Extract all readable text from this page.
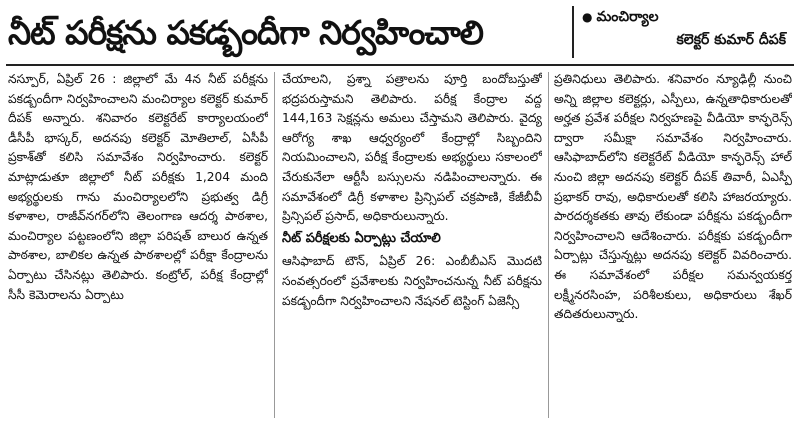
నీట్‌ పరీక్షను పకడ్బందీగా నిర్వహించాలి	● మంచిర్యాల
కలెక్టర్‌ కుమార్‌ దీపక్‌

నస్పూర్‌, ఏప్రిల్‌ 26 : జిల్లాలో మే 4న నీట్‌ పరీక్షను పకడ్బందీగా నిర్వహించాలని మంచిర్యాల కలెక్టర్‌ కుమార్‌ దీపక్‌ అన్నారు. శనివారం కలెక్టరేట్‌ కార్యాలయంలో డీసీపీ భాస్కర్‌, అదనపు కలెక్టర్‌ మోతిలాల్‌, ఏసీపీ ప్రకాశ్‌తో కలిసి సమావేశం నిర్వహించారు. కలెక్టర్‌ మాట్లాడుతూ జిల్లాలో నీట్‌ పరీక్షకు 1,204 మంది అభ్యర్థులకు గాను మంచిర్యాలలోని ప్రభుత్వ డిగ్రీ కళాశాల, రాజీవ్‌నగర్‌లోని తెలంగాణ ఆదర్శ పాఠశాల, మంచిర్యాల పట్టణంలోని జిల్లా పరిషత్‌ బాలుర ఉన్నత పాఠశాల, బాలికల ఉన్నత పాఠశాలల్లో పరీక్షా కేంద్రాలను ఏర్పాటు చేసినట్లు తెలిపారు. కంట్రోల్‌, పరీక్ష కేంద్రాల్లో సీసీ కెమెరాలను ఏర్పాటు

చేయాలని, ప్రశ్నా పత్రాలను పూర్తి బందోబస్తుతో భద్రపరుస్తామని తెలిపారు. పరీక్ష కేంద్రాల వద్ద 144,163 సెక్షన్లను అమలు చేస్తామని తెలిపారు. వైద్య ఆరోగ్య శాఖ ఆధ్వర్యంలో కేంద్రాల్లో సిబ్బందిని నియమించాలని, పరీక్ష కేంద్రాలకు అభ్యర్థులు సకాలంలో చేరుకునేలా ఆర్టీసీ బస్సులను నడిపించాలన్నారు. ఈ సమావేశంలో డిగ్రీ కళాశాల ప్రిన్సిపల్‌ చక్రపాణి, కేజీబీవీ ప్రిన్సిపల్‌ ప్రసాద్‌, అధికారులున్నారు.

నీట్‌ పరీక్షలకు ఏర్పాట్లు చేయాలి

ఆసిఫాబాద్‌ టౌన్‌, ఏప్రిల్‌ 26: ఎంబీబీఎస్‌ మొదటి సంవత్సరంలో ప్రవేశాలకు నిర్వహించనున్న నీట్‌ పరీక్షను పకడ్బందీగా నిర్వహించాలని నేషనల్‌ టెస్టింగ్‌ ఏజెన్సీ

ప్రతినిధులు తెలిపారు. శనివారం న్యూఢిల్లీ నుంచి అన్ని జిల్లాల కలెక్టర్లు, ఎస్పీలు, ఉన్నతాధికారులతో అర్హత ప్రవేశ పరీక్షల నిర్వహణపై వీడియో కాన్ఫరెన్స్‌ ద్వారా సమీక్షా సమావేశం నిర్వహించారు. ఆసిఫాబాద్‌లోని కలెక్టరేట్‌ వీడియో కాన్ఫరెన్స్‌ హాల్‌ నుంచి జిల్లా అదనపు కలెక్టర్‌ దీపక్‌ తివారీ, ఏఎస్పీ ప్రభాకర్‌ రావు, అధికారులతో కలిసి హాజరయ్యారు. పారదర్శకతకు తావు లేకుండా పరీక్షను పకడ్బందీగా నిర్వహించాలని ఆదేశించారు. పరీక్షకు పకడ్బందీగా ఏర్పాట్లు చేస్తున్నట్లు అదనపు కలెక్టర్‌ వివరించారు. ఈ సమావేశంలో పరీక్షల సమన్వయకర్త లక్ష్మీనరసింహ, పరిశీలకులు, అధికారులు శేఖర్‌ తదితరులున్నారు.
